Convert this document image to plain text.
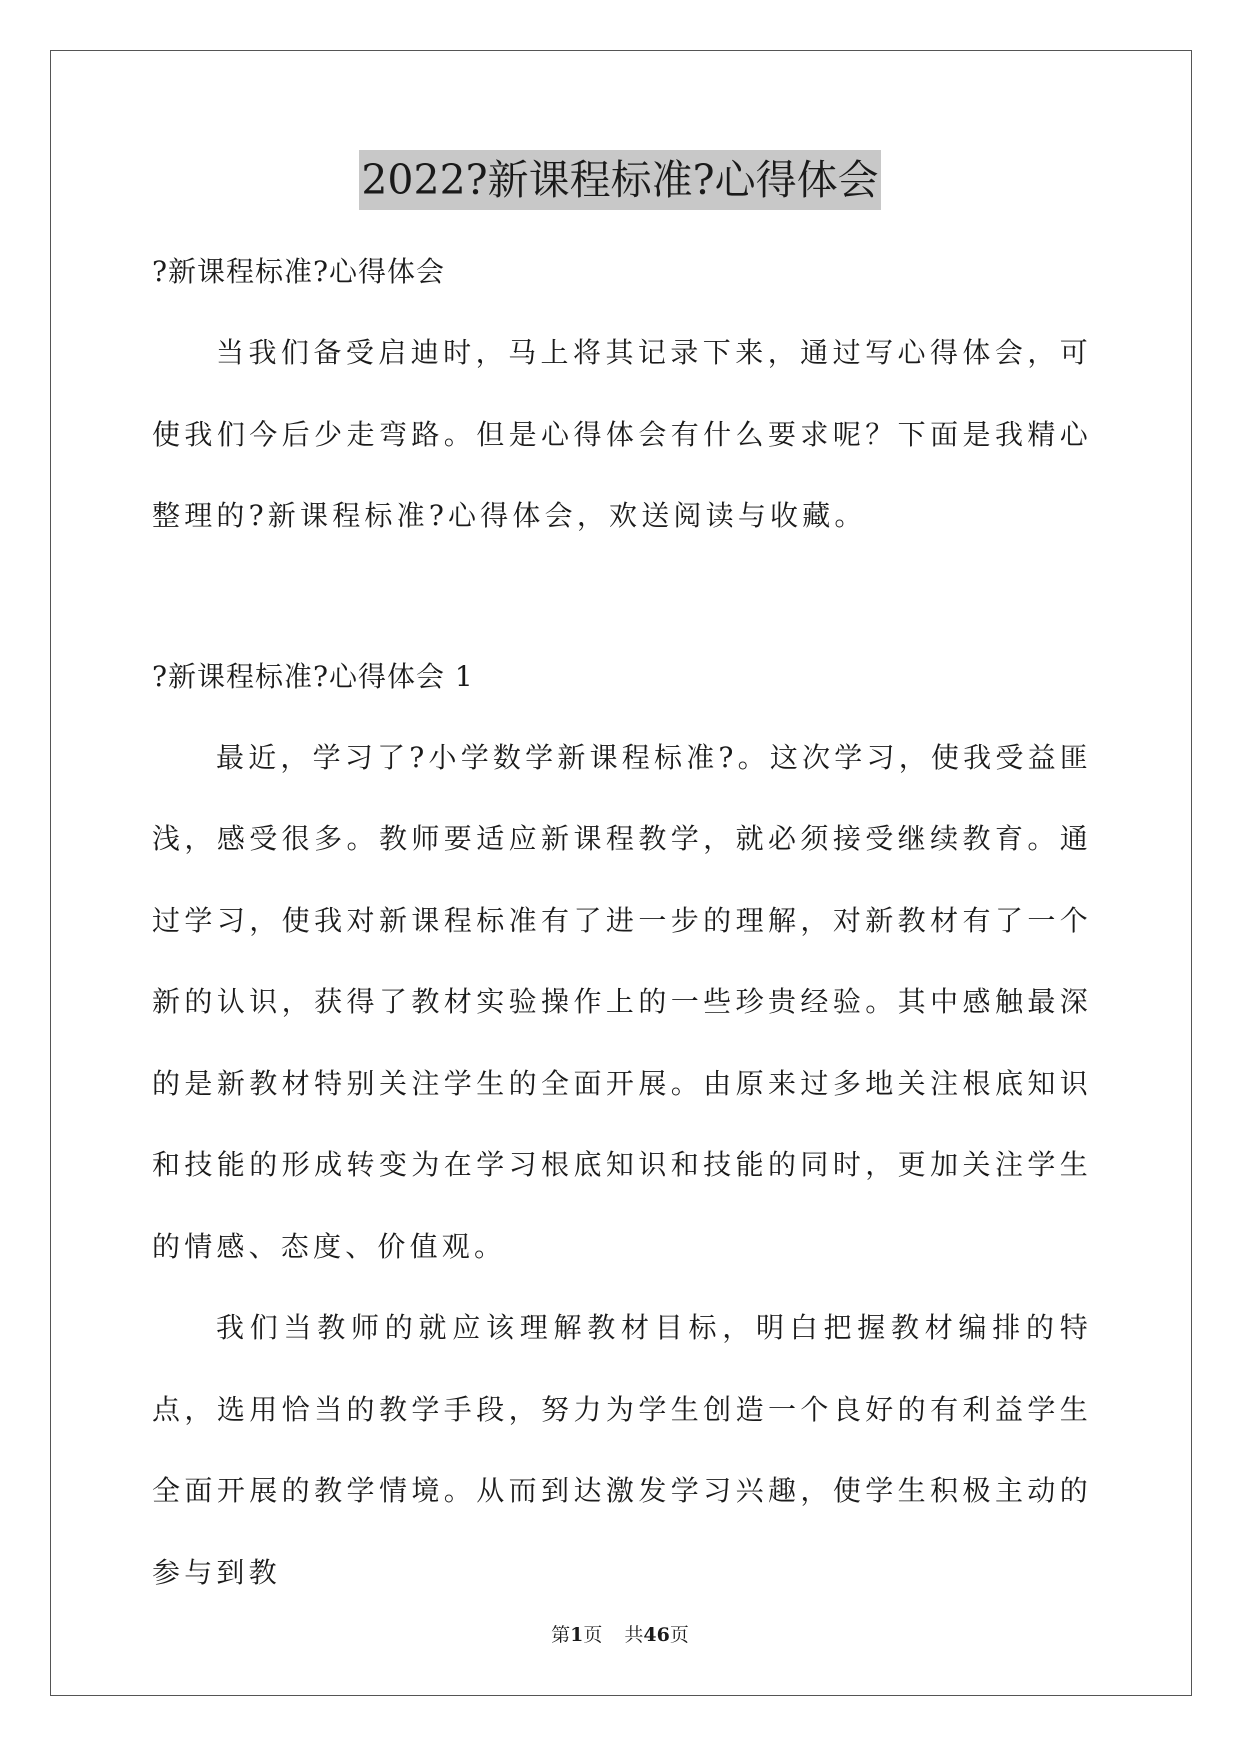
2022?新课程标准?心得体会

?新课程标准?心得体会

当我们备受启迪时，马上将其记录下来，通过写心得体会，可使我们今后少走弯路。但是心得体会有什么要求呢？下面是我精心整理的?新课程标准?心得体会，欢送阅读与收藏。

?新课程标准?心得体会 1

最近，学习了?小学数学新课程标准?。这次学习，使我受益匪浅，感受很多。教师要适应新课程教学，就必须接受继续教育。通过学习，使我对新课程标准有了进一步的理解，对新教材有了一个新的认识，获得了教材实验操作上的一些珍贵经验。其中感触最深的是新教材特别关注学生的全面开展。由原来过多地关注根底知识和技能的形成转变为在学习根底知识和技能的同时，更加关注学生的情感、态度、价值观。

我们当教师的就应该理解教材目标，明白把握教材编排的特点，选用恰当的教学手段，努力为学生创造一个良好的有利益学生全面开展的教学情境。从而到达激发学习兴趣，使学生积极主动的参与到教

第1页 共46页
